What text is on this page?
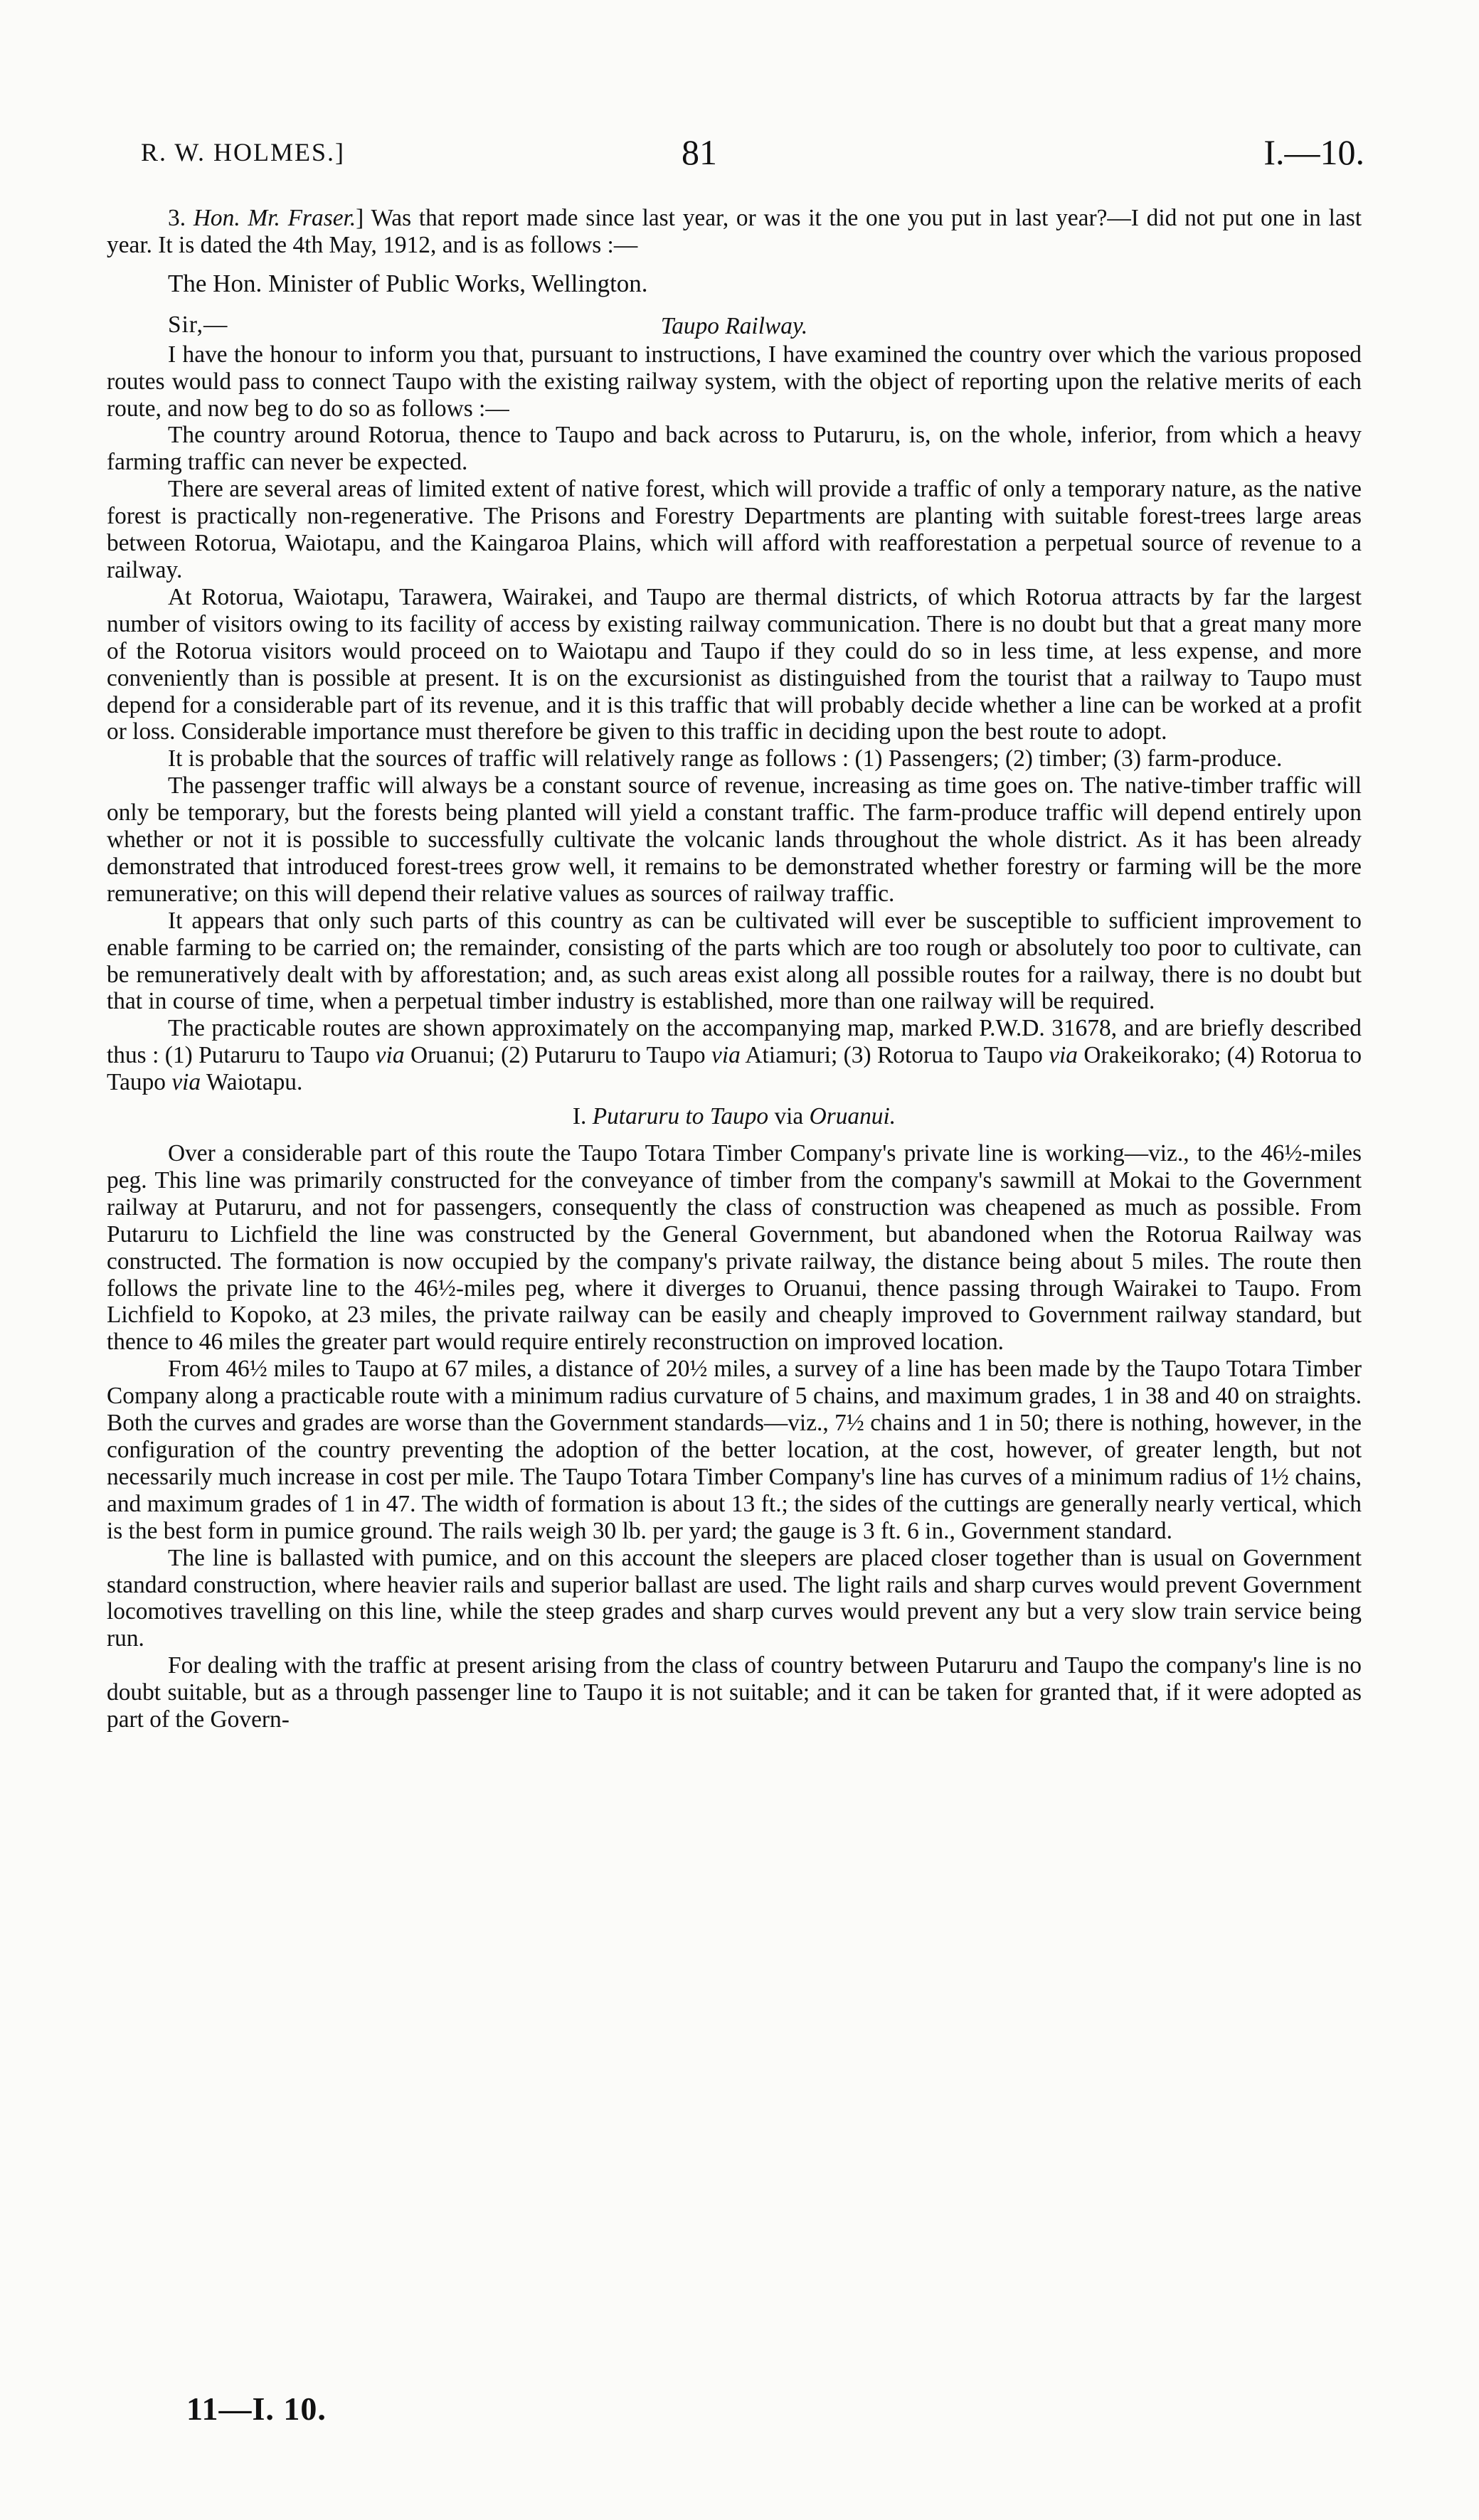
R. W. HOLMES.]	81	I.—10.

3. Hon. Mr. Fraser.] Was that report made since last year, or was it the one you put in last year?—I did not put one in last year. It is dated the 4th May, 1912, and is as follows :—

The Hon. Minister of Public Works, Wellington.

Taupo Railway.
Sir,—

I have the honour to inform you that, pursuant to instructions, I have examined the country over which the various proposed routes would pass to connect Taupo with the existing railway system, with the object of reporting upon the relative merits of each route, and now beg to do so as follows :—

The country around Rotorua, thence to Taupo and back across to Putaruru, is, on the whole, inferior, from which a heavy farming traffic can never be expected.

There are several areas of limited extent of native forest, which will provide a traffic of only a temporary nature, as the native forest is practically non-regenerative. The Prisons and Forestry Departments are planting with suitable forest-trees large areas between Rotorua, Waiotapu, and the Kaingaroa Plains, which will afford with reafforestation a perpetual source of revenue to a railway.

At Rotorua, Waiotapu, Tarawera, Wairakei, and Taupo are thermal districts, of which Rotorua attracts by far the largest number of visitors owing to its facility of access by existing railway communication. There is no doubt but that a great many more of the Rotorua visitors would proceed on to Waiotapu and Taupo if they could do so in less time, at less expense, and more conveniently than is possible at present. It is on the excursionist as distinguished from the tourist that a railway to Taupo must depend for a considerable part of its revenue, and it is this traffic that will probably decide whether a line can be worked at a profit or loss. Considerable importance must therefore be given to this traffic in deciding upon the best route to adopt.

It is probable that the sources of traffic will relatively range as follows : (1) Passengers; (2) timber; (3) farm-produce.

The passenger traffic will always be a constant source of revenue, increasing as time goes on. The native-timber traffic will only be temporary, but the forests being planted will yield a constant traffic. The farm-produce traffic will depend entirely upon whether or not it is possible to successfully cultivate the volcanic lands throughout the whole district. As it has been already demonstrated that introduced forest-trees grow well, it remains to be demonstrated whether forestry or farming will be the more remunerative; on this will depend their relative values as sources of railway traffic.

It appears that only such parts of this country as can be cultivated will ever be susceptible to sufficient improvement to enable farming to be carried on; the remainder, consisting of the parts which are too rough or absolutely too poor to cultivate, can be remuneratively dealt with by afforestation; and, as such areas exist along all possible routes for a railway, there is no doubt but that in course of time, when a perpetual timber industry is established, more than one railway will be required.

The practicable routes are shown approximately on the accompanying map, marked P.W.D. 31678, and are briefly described thus : (1) Putaruru to Taupo via Oruanui; (2) Putaruru to Taupo via Atiamuri; (3) Rotorua to Taupo via Orakeikorako; (4) Rotorua to Taupo via Waiotapu.

I. Putaruru to Taupo via Oruanui.

Over a considerable part of this route the Taupo Totara Timber Company's private line is working—viz., to the 46½-miles peg. This line was primarily constructed for the conveyance of timber from the company's sawmill at Mokai to the Government railway at Putaruru, and not for passengers, consequently the class of construction was cheapened as much as possible. From Putaruru to Lichfield the line was constructed by the General Government, but abandoned when the Rotorua Railway was constructed. The formation is now occupied by the company's private railway, the distance being about 5 miles. The route then follows the private line to the 46½-miles peg, where it diverges to Oruanui, thence passing through Wairakei to Taupo. From Lichfield to Kopoko, at 23 miles, the private railway can be easily and cheaply improved to Government railway standard, but thence to 46 miles the greater part would require entirely reconstruction on improved location.

From 46½ miles to Taupo at 67 miles, a distance of 20½ miles, a survey of a line has been made by the Taupo Totara Timber Company along a practicable route with a minimum radius curvature of 5 chains, and maximum grades, 1 in 38 and 40 on straights. Both the curves and grades are worse than the Government standards—viz., 7½ chains and 1 in 50; there is nothing, however, in the configuration of the country preventing the adoption of the better location, at the cost, however, of greater length, but not necessarily much increase in cost per mile. The Taupo Totara Timber Company's line has curves of a minimum radius of 1½ chains, and maximum grades of 1 in 47. The width of formation is about 13 ft.; the sides of the cuttings are generally nearly vertical, which is the best form in pumice ground. The rails weigh 30 lb. per yard; the gauge is 3 ft. 6 in., Government standard.

The line is ballasted with pumice, and on this account the sleepers are placed closer together than is usual on Government standard construction, where heavier rails and superior ballast are used. The light rails and sharp curves would prevent Government locomotives travelling on this line, while the steep grades and sharp curves would prevent any but a very slow train service being run.

For dealing with the traffic at present arising from the class of country between Putaruru and Taupo the company's line is no doubt suitable, but as a through passenger line to Taupo it is not suitable; and it can be taken for granted that, if it were adopted as part of the Govern-

11—I. 10.
